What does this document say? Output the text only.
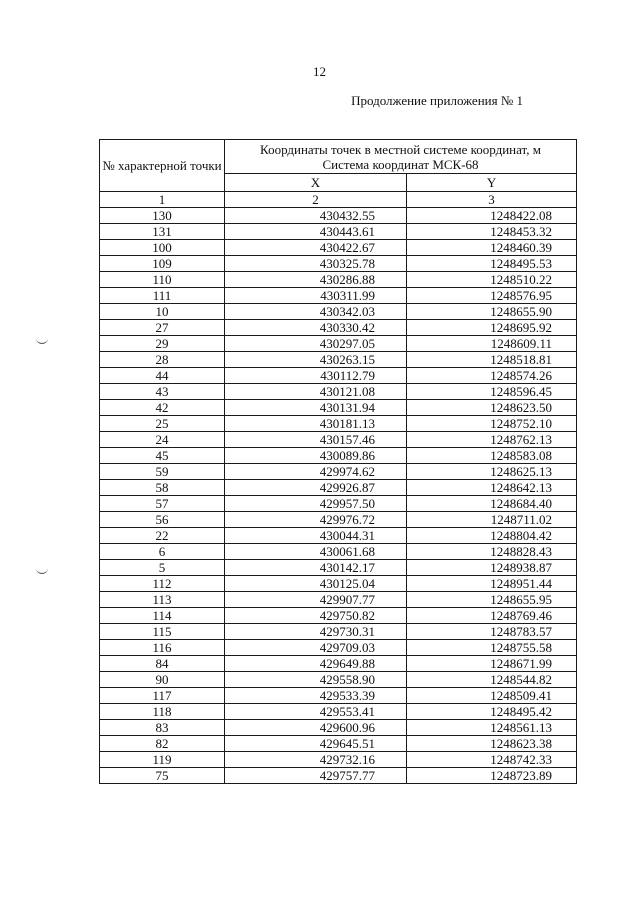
12
Продолжение приложения № 1
№ характерной точки	Координаты точек в местной системе координат, м
Система координат МСК-68	

	X	Y
1	2	3
130	430432.55	1248422.08
131	430443.61	1248453.32
100	430422.67	1248460.39
109	430325.78	1248495.53
110	430286.88	1248510.22
111	430311.99	1248576.95
10	430342.03	1248655.90
27	430330.42	1248695.92
29	430297.05	1248609.11
28	430263.15	1248518.81
44	430112.79	1248574.26
43	430121.08	1248596.45
42	430131.94	1248623.50
25	430181.13	1248752.10
24	430157.46	1248762.13
45	430089.86	1248583.08
59	429974.62	1248625.13
58	429926.87	1248642.13
57	429957.50	1248684.40
56	429976.72	1248711.02
22	430044.31	1248804.42
6	430061.68	1248828.43
5	430142.17	1248938.87
112	430125.04	1248951.44
113	429907.77	1248655.95
114	429750.82	1248769.46
115	429730.31	1248783.57
116	429709.03	1248755.58
84	429649.88	1248671.99
90	429558.90	1248544.82
117	429533.39	1248509.41
118	429553.41	1248495.42
83	429600.96	1248561.13
82	429645.51	1248623.38
119	429732.16	1248742.33
75	429757.77	1248723.89
